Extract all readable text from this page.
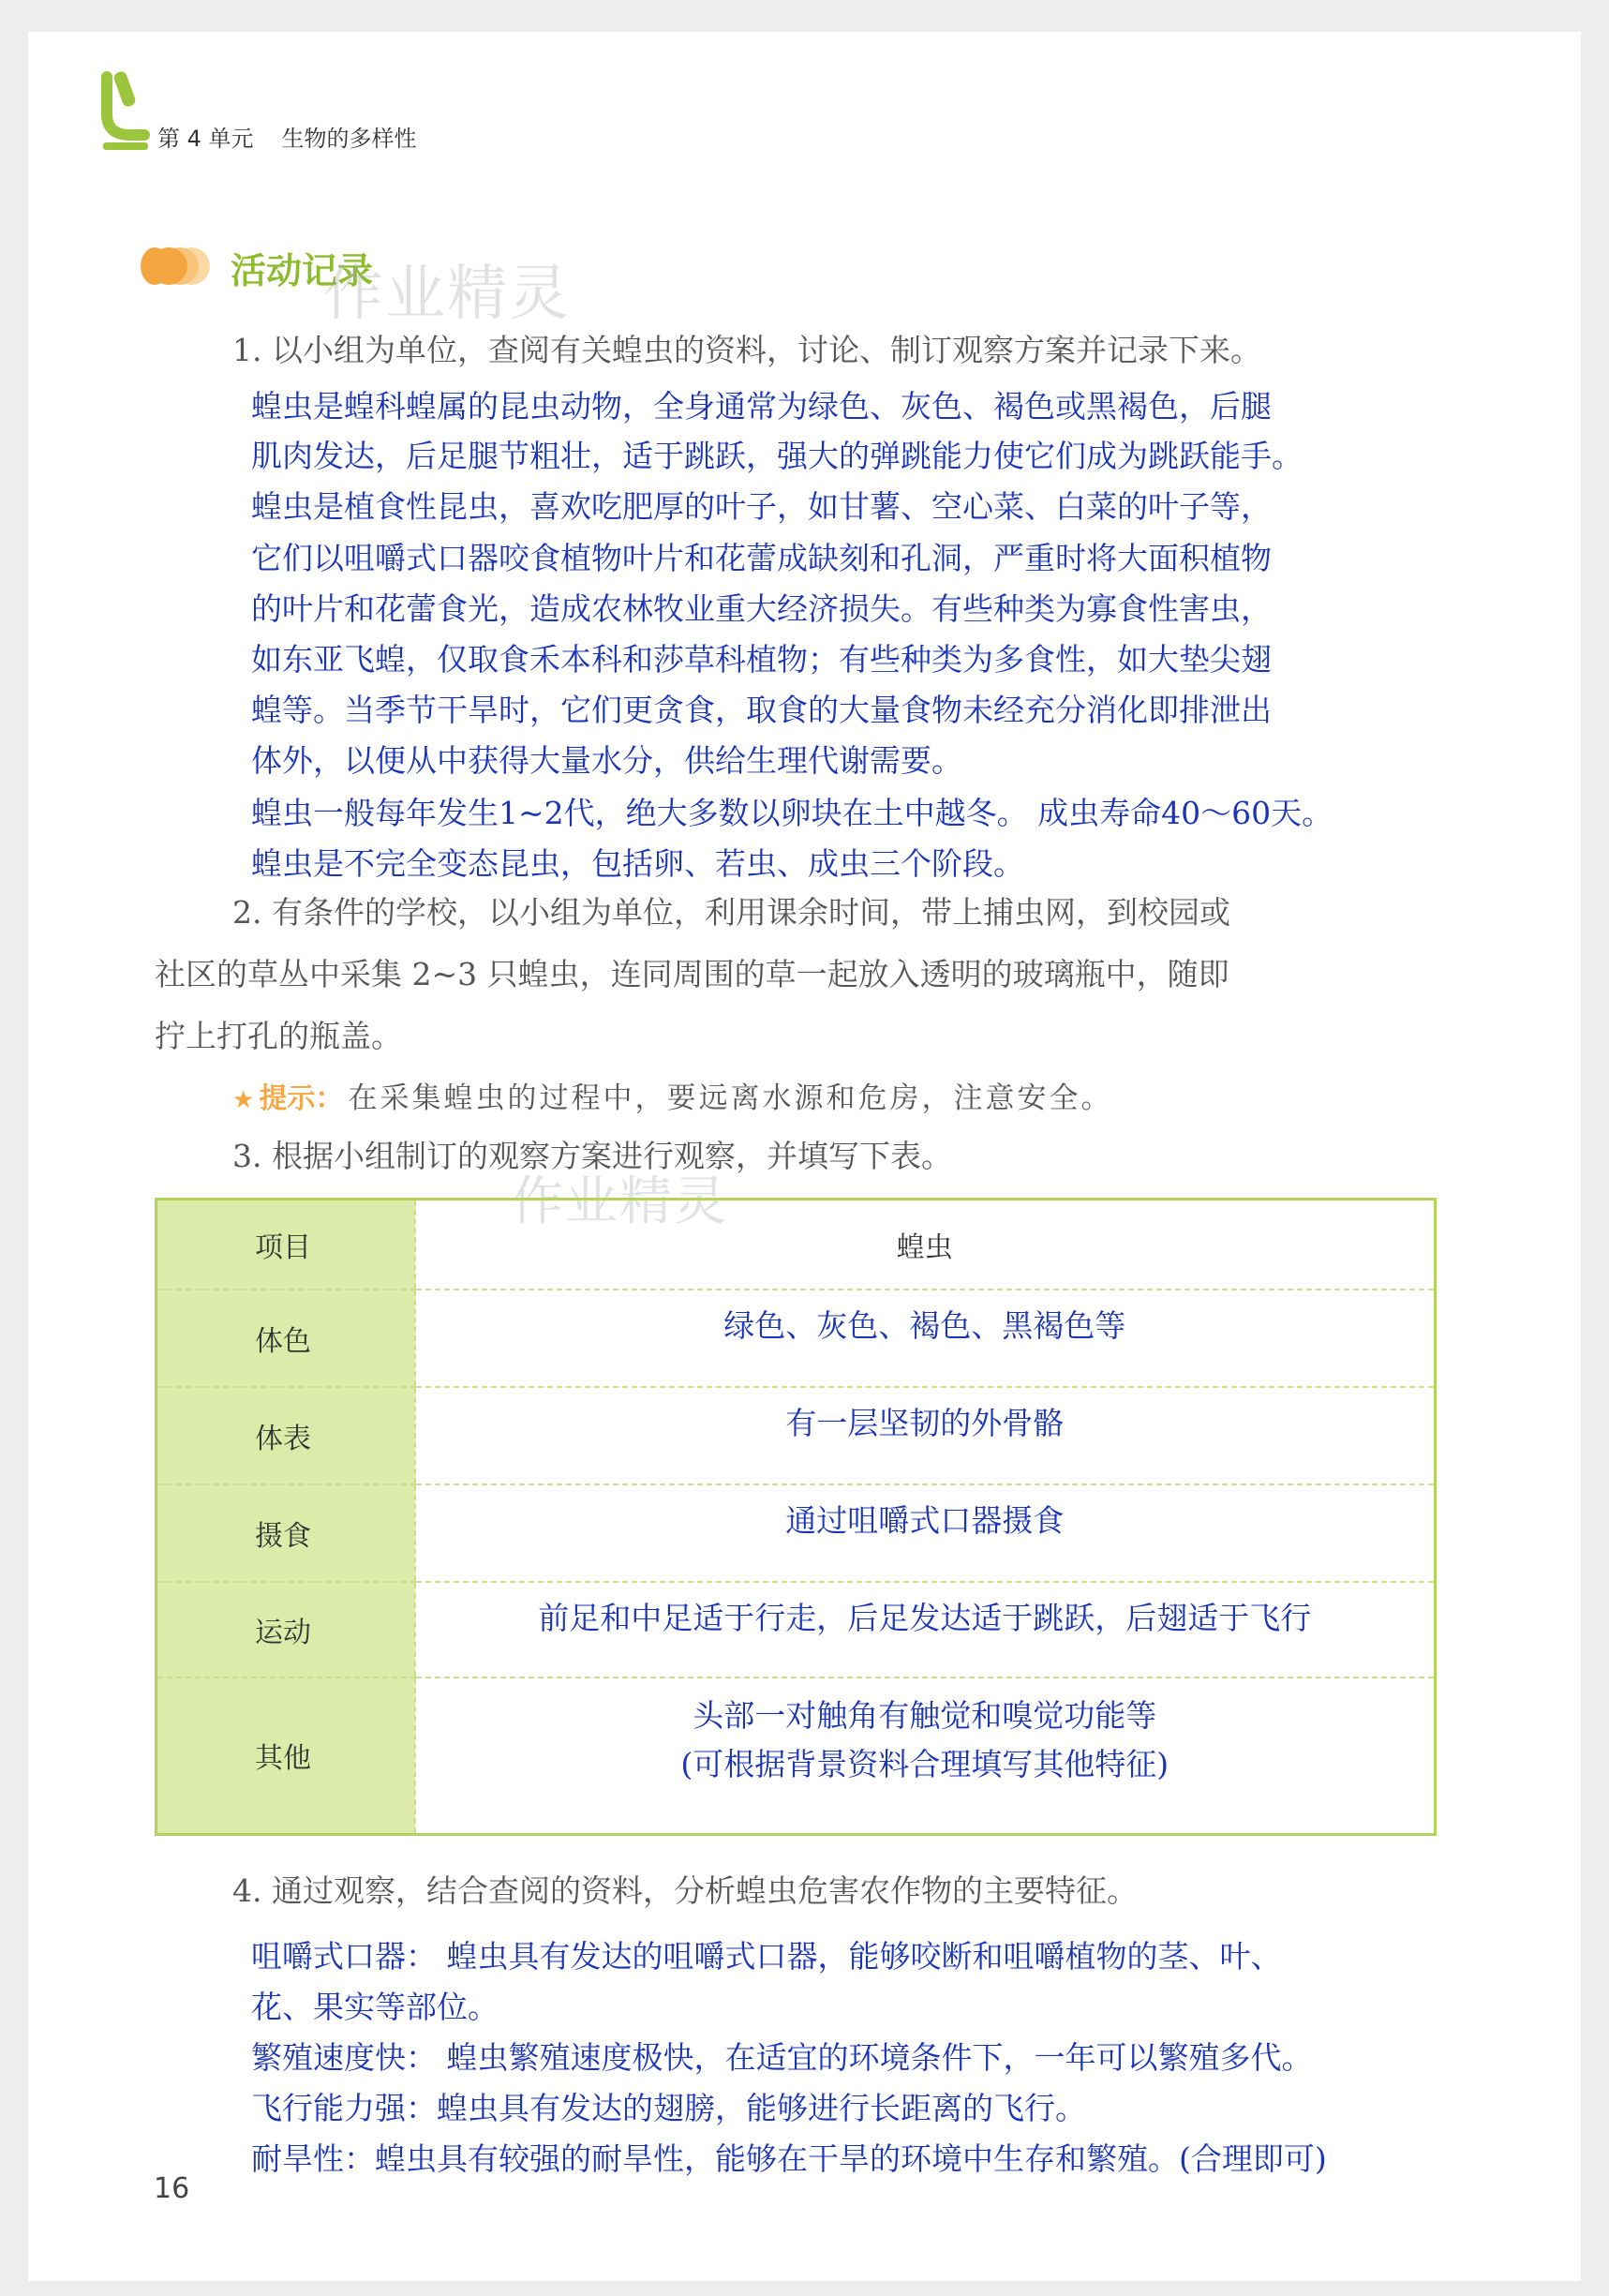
第 4 单元 生物的多样性
活动记录
作业精灵
1. 以小组为单位，查阅有关蝗虫的资料，讨论、制订观察方案并记录下来。
蝗虫是蝗科蝗属的昆虫动物，全身通常为绿色、灰色、褐色或黑褐色，后腿
肌肉发达，后足腿节粗壮，适于跳跃，强大的弹跳能力使它们成为跳跃能手。
蝗虫是植食性昆虫，喜欢吃肥厚的叶子，如甘薯、空心菜、白菜的叶子等，
它们以咀嚼式口器咬食植物叶片和花蕾成缺刻和孔洞，严重时将大面积植物
的叶片和花蕾食光，造成农林牧业重大经济损失。有些种类为寡食性害虫，
如东亚飞蝗，仅取食禾本科和莎草科植物；有些种类为多食性，如大垫尖翅
蝗等。当季节干旱时，它们更贪食，取食的大量食物未经充分消化即排泄出
体外，以便从中获得大量水分，供给生理代谢需要。
蝗虫一般每年发生1~2代，绝大多数以卵块在土中越冬。 成虫寿命40～60天。
蝗虫是不完全变态昆虫，包括卵、若虫、成虫三个阶段。
2. 有条件的学校，以小组为单位，利用课余时间，带上捕虫网，到校园或
社区的草丛中采集 2~3 只蝗虫，连同周围的草一起放入透明的玻璃瓶中，随即
拧上打孔的瓶盖。
★ 提示： 在采集蝗虫的过程中，要远离水源和危房，注意安全。
3. 根据小组制订的观察方案进行观察，并填写下表。
作业精灵
项目	蝗虫
体色	绿色、灰色、褐色、黑褐色等
体表	有一层坚韧的外骨骼
摄食	通过咀嚼式口器摄食
运动	前足和中足适于行走，后足发达适于跳跃，后翅适于飞行
其他	头部一对触角有触觉和嗅觉功能等
(可根据背景资料合理填写其他特征)
4. 通过观察，结合查阅的资料，分析蝗虫危害农作物的主要特征。
咀嚼式口器： 蝗虫具有发达的咀嚼式口器，能够咬断和咀嚼植物的茎、叶、
花、果实等部位。
繁殖速度快： 蝗虫繁殖速度极快，在适宜的环境条件下，一年可以繁殖多代。
飞行能力强：蝗虫具有发达的翅膀，能够进行长距离的飞行。
耐旱性：蝗虫具有较强的耐旱性，能够在干旱的环境中生存和繁殖。(合理即可)
16
